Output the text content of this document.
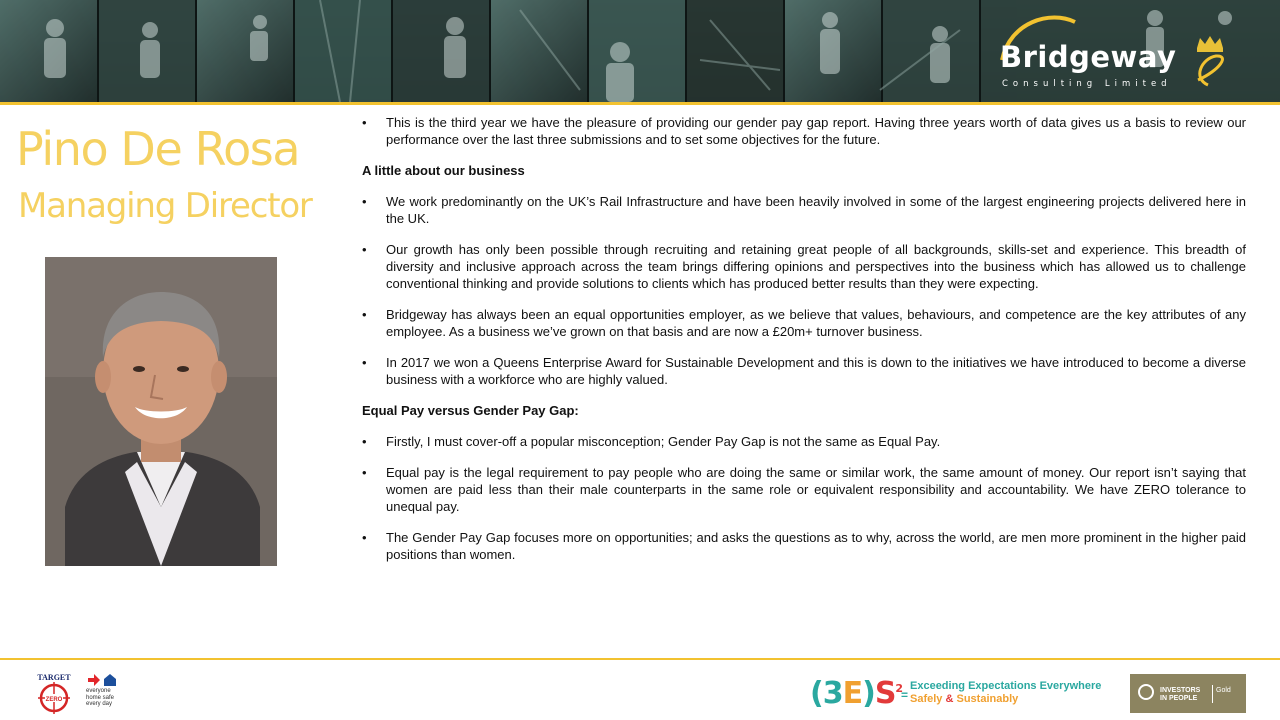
Bridgeway
Consulting Limited
Pino De Rosa
Managing Director

• This is the third year we have the pleasure of providing our gender pay gap report. Having three years worth of data gives us a basis to review our performance over the last three submissions and to set some objectives for the future.

A little about our business

• We work predominantly on the UK’s Rail Infrastructure and have been heavily involved in some of the largest engineering projects delivered here in the UK.

• Our growth has only been possible through recruiting and retaining great people of all backgrounds, skills-set and experience. This breadth of diversity and inclusive approach across the team brings differing opinions and perspectives into the business which has allowed us to challenge conventional thinking and provide solutions to clients which has produced better results than they were expecting.

• Bridgeway has always been an equal opportunities employer, as we believe that values, behaviours, and competence are the key attributes of any employee. As a business we’ve grown on that basis and are now a £20m+ turnover business.

• In 2017 we won a Queens Enterprise Award for Sustainable Development and this is down to the initiatives we have introduced to become a diverse business with a workforce who are highly valued.

Equal Pay versus Gender Pay Gap:

• Firstly, I must cover-off a popular misconception; Gender Pay Gap is not the same as Equal Pay.

• Equal pay is the legal requirement to pay people who are doing the same or similar work, the same amount of money. Our report isn’t saying that women are paid less than their male counterparts in the same role or equivalent responsibility and accountability. We have ZERO tolerance to unequal pay.

• The Gender Pay Gap focuses more on opportunities; and asks the questions as to why, across the world, are men more prominent in the higher paid positions than women.

TARGET
ZERO
everyone home safe every day	$(3E)S^2$
=
Exceeding Expectations Everywhere
Safely & Sustainably
INVESTORS
IN PEOPLE
Gold
